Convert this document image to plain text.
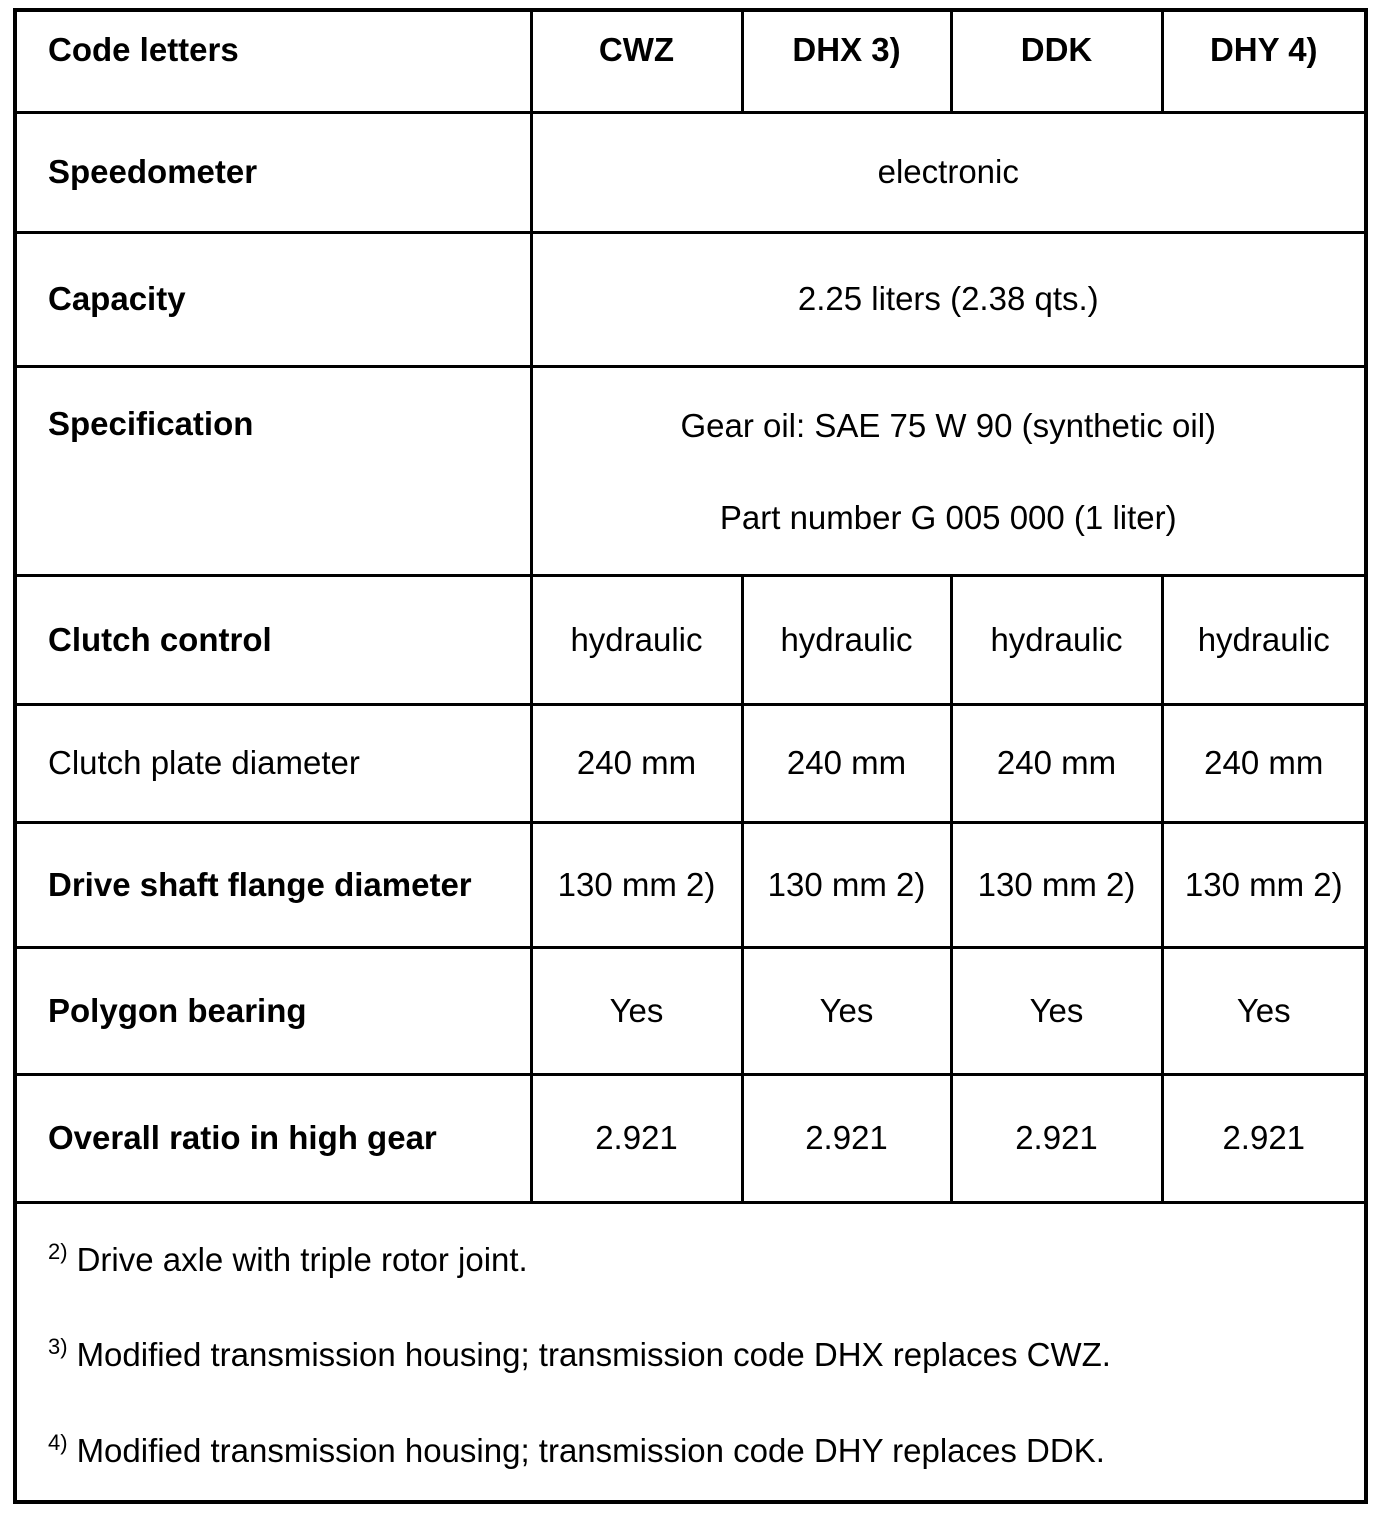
Code letters	CWZ	DHX 3)	DDK	DHY 4)
Speedometer	electronic			
Capacity	2.25 liters (2.38 qts.)			
Specification	Gear oil: SAE 75 W 90 (synthetic oil)
Part number G 005 000 (1 liter)			

Clutch control	hydraulic	hydraulic	hydraulic	hydraulic
Clutch plate diameter	240 mm	240 mm	240 mm	240 mm
Drive shaft flange diameter	130 mm 2)	130 mm 2)	130 mm 2)	130 mm 2)
Polygon bearing	Yes	Yes	Yes	Yes
Overall ratio in high gear	2.921	2.921	2.921	2.921
$^{2)}$ Drive axle with triple rotor joint.
$^{3)}$ Modified transmission housing; transmission code DHX replaces CWZ.
$^{4)}$ Modified transmission housing; transmission code DHY replaces DDK.
